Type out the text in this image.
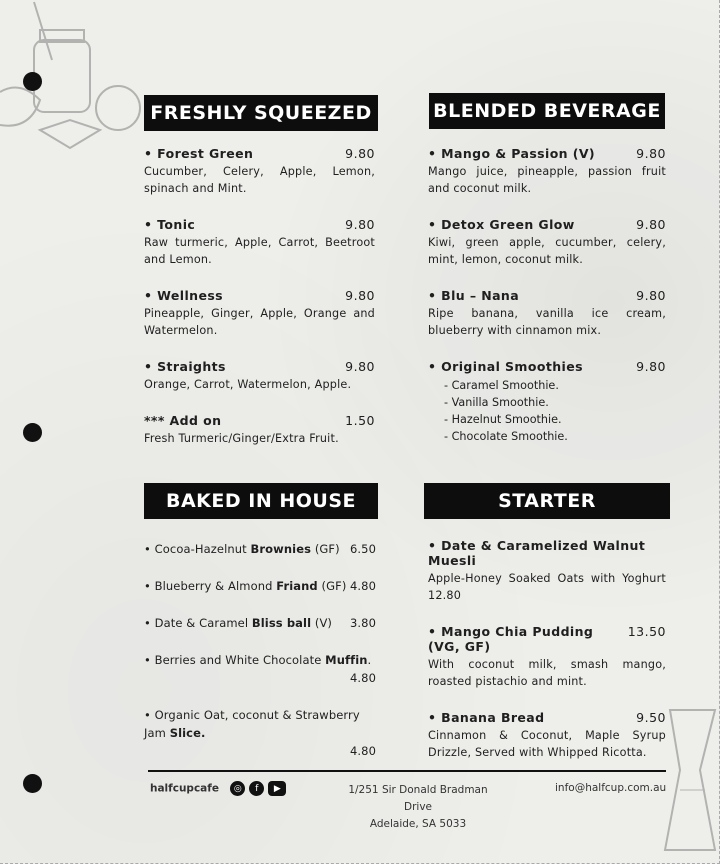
FRESHLY SQUEEZED	BLENDED BEVERAGE
BAKED IN HOUSE	STARTER
• Forest Green	9.80
Cucumber, Celery, Apple, Lemon, spinach and Mint.
• Tonic	9.80
Raw turmeric, Apple, Carrot, Beetroot and Lemon.
• Wellness	9.80
Pineapple, Ginger, Apple, Orange and Watermelon.
• Straights	9.80
Orange, Carrot, Watermelon, Apple.
*** Add on	1.50
Fresh Turmeric/Ginger/Extra Fruit.
• Mango & Passion (V)	9.80
Mango juice, pineapple, passion fruit and coconut milk.
• Detox Green Glow	9.80
Kiwi, green apple, cucumber, celery, mint, lemon, coconut milk.
• Blu – Nana	9.80
Ripe banana, vanilla ice cream, blueberry with cinnamon mix.
• Original Smoothies	9.80
- Caramel Smoothie.
- Vanilla Smoothie.
- Hazelnut Smoothie.
- Chocolate Smoothie.
• Cocoa-Hazelnut Brownies (GF) 6.50
• Blueberry & Almond Friand (GF) 4.80
• Date & Caramel Bliss ball (V) 3.80
• Berries and White Chocolate Muffin.
4.80
• Organic Oat, coconut & Strawberry Jam Slice.
4.80
• Date & Caramelized Walnut Muesli
Apple-Honey Soaked Oats with Yoghurt 12.80
• Mango Chia Pudding (VG, GF)
13.50
With coconut milk, smash mango, roasted pistachio and mint.
• Banana Bread	9.50
Cinnamon & Coconut, Maple Syrup Drizzle, Served with Whipped Ricotta.
halfcupcafe	◎	f	▶	1/251 Sir Donald Bradman Drive
Adelaide, SA 5033
info@halfcup.com.au
